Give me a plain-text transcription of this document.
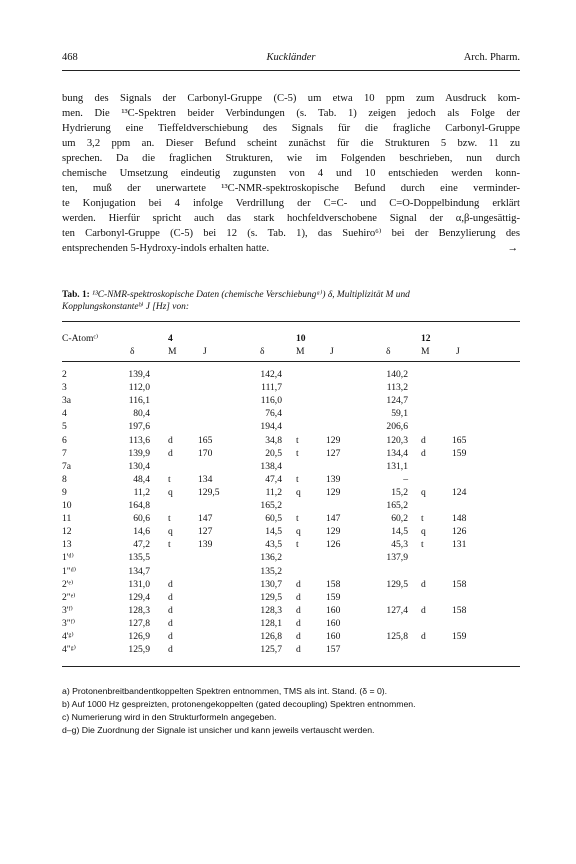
468	Kuckländer	Arch. Pharm.
bung des Signals der Carbonyl-Gruppe (C-5) um etwa 10 ppm zum Ausdruck kom-
men. Die ¹³C-Spektren beider Verbindungen (s. Tab. 1) zeigen jedoch als Folge der
Hydrierung eine Tieffeldverschiebung des Signals für die fragliche Carbonyl-Gruppe
um 3,2 ppm an. Dieser Befund scheint zunächst für die Strukturen 5 bzw. 11 zu
sprechen. Da die fraglichen Strukturen, wie im Folgenden beschrieben, nun durch
chemische Umsetzung eindeutig zugunsten von 4 und 10 entschieden werden konn-
ten, muß der unerwartete ¹³C-NMR-spektroskopische Befund durch eine verminder-
te Konjugation bei 4 infolge Verdrillung der C=C- und C=O-Doppelbindung erklärt
werden. Hierfür spricht auch das stark hochfeldverschobene Signal der α,β-ungesättig-
ten Carbonyl-Gruppe (C-5) bei 12 (s. Tab. 1), das Suehiro⁶⁾ bei der Benzylierung des
entsprechenden 5-Hydroxy-indols erhalten hatte.	→
Tab. 1: ¹³C-NMR-spektroskopische Daten (chemische Verschiebungᵃ⁾) δ, Multiplizität M und
Kopplungskonstanteᵇ⁾ J [Hz] von:
C-Atomᶜ⁾	4	10	12
δ	M	J	δ	M	J	δ	M	J
2	139,4	142,4	140,2
3	112,0	111,7	113,2
3a	116,1	116,0	124,7
4	80,4	76,4	59,1
5	197,6	194,4	206,6
6	113,6 d	165	34,8 t	129	120,3 d	165
7	139,9 d	170	20,5 t	127	134,4 d	159
7a	130,4	138,4	131,1
8	48,4 t	134	47,4 t	139	–
9	11,2 q	129,5	11,2 q	129	15,2 q	124
10	164,8	165,2	165,2
11	60,6 t	147	60,5 t	147	60,2 t	148
12	14,6 q	127	14,5 q	129	14,5 q	126
13	47,2 t	139	43,5 t	126	45,3 t	131
1'ᵈ⁾	135,5	136,2	137,9
1"ᵈ⁾	134,7	135,2
2'ᵉ⁾	131,0 d	130,7 d	158	129,5 d	158
2"ᵉ⁾	129,4 d	129,5 d	159
3'ᶠ⁾	128,3 d	128,3 d	160	127,4 d	158
3"ᶠ⁾	127,8 d	128,1 d	160
4'ᵍ⁾	126,9 d	126,8 d	160	125,8 d	159
4"ᵍ⁾	125,9 d	125,7 d	157
a) Protonenbreitbandentkoppelten Spektren entnommen, TMS als int. Stand. (δ = 0).
b) Auf 1000 Hz gespreizten, protonengekoppelten (gated decoupling) Spektren entnommen.
c) Numerierung wird in den Strukturformeln angegeben.
d–g) Die Zuordnung der Signale ist unsicher und kann jeweils vertauscht werden.
